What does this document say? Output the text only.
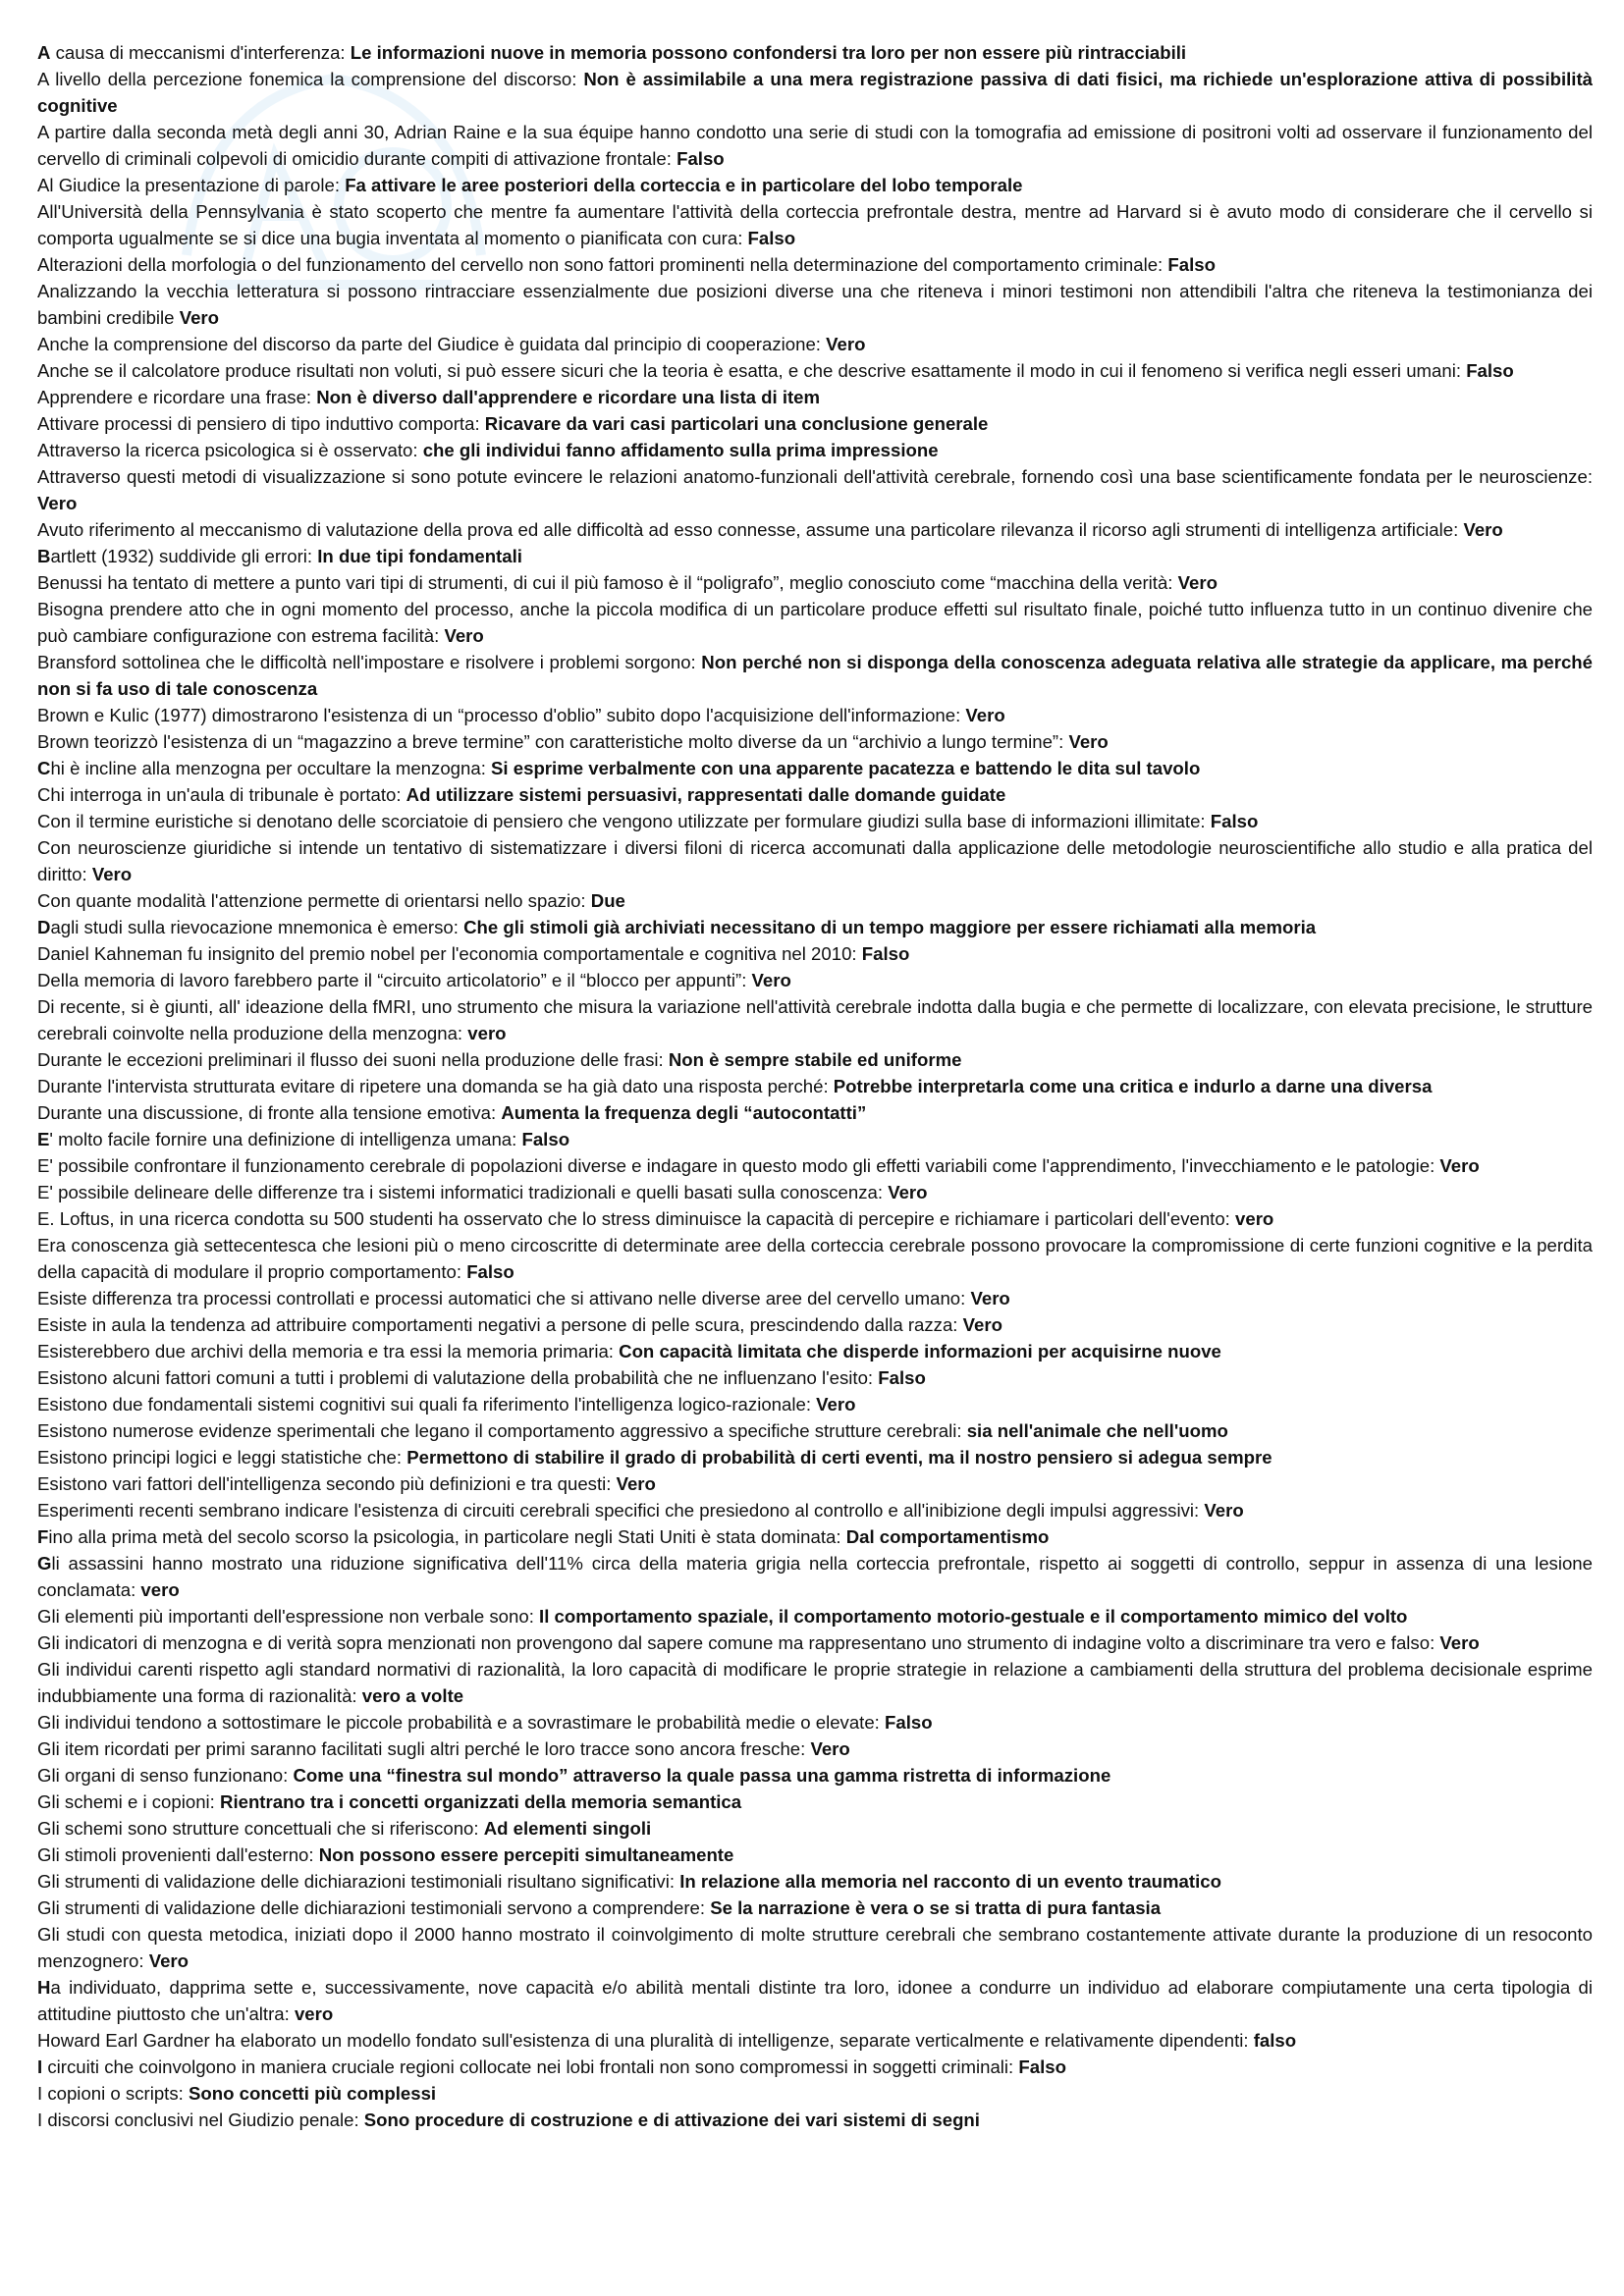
A causa di meccanismi d'interferenza: Le informazioni nuove in memoria possono confondersi tra loro per non essere più rintracciabili

A livello della percezione fonemica la comprensione del discorso: Non è assimilabile a una mera registrazione passiva di dati fisici, ma richiede un'esplorazione attiva di possibilità cognitive

A partire dalla seconda metà degli anni 30, Adrian Raine e la sua équipe hanno condotto una serie di studi con la tomografia ad emissione di positroni volti ad osservare il funzionamento del cervello di criminali colpevoli di omicidio durante compiti di attivazione frontale: Falso

Al Giudice la presentazione di parole: Fa attivare le aree posteriori della corteccia e in particolare del lobo temporale

All'Università della Pennsylvania è stato scoperto che mentre fa aumentare l'attività della corteccia prefrontale destra, mentre ad Harvard si è avuto modo di considerare che il cervello si comporta ugualmente se si dice una bugia inventata al momento o pianificata con cura: Falso

Alterazioni della morfologia o del funzionamento del cervello non sono fattori prominenti nella determinazione del comportamento criminale: Falso

Analizzando la vecchia letteratura si possono rintracciare essenzialmente due posizioni diverse una che riteneva i minori testimoni non attendibili l'altra che riteneva la testimonianza dei bambini credibile Vero

Anche la comprensione del discorso da parte del Giudice è guidata dal principio di cooperazione: Vero

Anche se il calcolatore produce risultati non voluti, si può essere sicuri che la teoria è esatta, e che descrive esattamente il modo in cui il fenomeno si verifica negli esseri umani: Falso

Apprendere e ricordare una frase: Non è diverso dall'apprendere e ricordare una lista di item

Attivare processi di pensiero di tipo induttivo comporta: Ricavare da vari casi particolari una conclusione generale

Attraverso la ricerca psicologica si è osservato: che gli individui fanno affidamento sulla prima impressione

Attraverso questi metodi di visualizzazione si sono potute evincere le relazioni anatomo-funzionali dell'attività cerebrale, fornendo così una base scientificamente fondata per le neuroscienze: Vero

Avuto riferimento al meccanismo di valutazione della prova ed alle difficoltà ad esso connesse, assume una particolare rilevanza il ricorso agli strumenti di intelligenza artificiale: Vero

Bartlett (1932) suddivide gli errori: In due tipi fondamentali

Benussi ha tentato di mettere a punto vari tipi di strumenti, di cui il più famoso è il “poligrafo”, meglio conosciuto come “macchina della verità: Vero

Bisogna prendere atto che in ogni momento del processo, anche la piccola modifica di un particolare produce effetti sul risultato finale, poiché tutto influenza tutto in un continuo divenire che può cambiare configurazione con estrema facilità: Vero

Bransford sottolinea che le difficoltà nell'impostare e risolvere i problemi sorgono: Non perché non si disponga della conoscenza adeguata relativa alle strategie da applicare, ma perché non si fa uso di tale conoscenza

Brown e Kulic (1977) dimostrarono l'esistenza di un “processo d'oblio” subito dopo l'acquisizione dell'informazione: Vero

Brown teorizzò l'esistenza di un “magazzino a breve termine” con caratteristiche molto diverse da un “archivio a lungo termine”: Vero

Chi è incline alla menzogna per occultare la menzogna: Si esprime verbalmente con una apparente pacatezza e battendo le dita sul tavolo

Chi interroga in un'aula di tribunale è portato: Ad utilizzare sistemi persuasivi, rappresentati dalle domande guidate

Con il termine euristiche si denotano delle scorciatoie di pensiero che vengono utilizzate per formulare giudizi sulla base di informazioni illimitate: Falso

Con neuroscienze giuridiche si intende un tentativo di sistematizzare i diversi filoni di ricerca accomunati dalla applicazione delle metodologie neuroscientifiche allo studio e alla pratica del diritto: Vero

Con quante modalità l'attenzione permette di orientarsi nello spazio: Due

Dagli studi sulla rievocazione mnemonica è emerso: Che gli stimoli già archiviati necessitano di un tempo maggiore per essere richiamati alla memoria

Daniel Kahneman fu insignito del premio nobel per l'economia comportamentale e cognitiva nel 2010: Falso

Della memoria di lavoro farebbero parte il “circuito articolatorio” e il “blocco per appunti”: Vero

Di recente, si è giunti, all' ideazione della fMRI, uno strumento che misura la variazione nell'attività cerebrale indotta dalla bugia e che permette di localizzare, con elevata precisione, le strutture cerebrali coinvolte nella produzione della menzogna: vero

Durante le eccezioni preliminari il flusso dei suoni nella produzione delle frasi: Non è sempre stabile ed uniforme

Durante l'intervista strutturata evitare di ripetere una domanda se ha già dato una risposta perché: Potrebbe interpretarla come una critica e indurlo a darne una diversa

Durante una discussione, di fronte alla tensione emotiva: Aumenta la frequenza degli “autocontatti”

E' molto facile fornire una definizione di intelligenza umana: Falso

E' possibile confrontare il funzionamento cerebrale di popolazioni diverse e indagare in questo modo gli effetti variabili come l'apprendimento, l'invecchiamento e le patologie: Vero

E' possibile delineare delle differenze tra i sistemi informatici tradizionali e quelli basati sulla conoscenza: Vero

E. Loftus, in una ricerca condotta su 500 studenti ha osservato che lo stress diminuisce la capacità di percepire e richiamare i particolari dell'evento: vero

Era conoscenza già settecentesca che lesioni più o meno circoscritte di determinate aree della corteccia cerebrale possono provocare la compromissione di certe funzioni cognitive e la perdita della capacità di modulare il proprio comportamento: Falso

Esiste differenza tra processi controllati e processi automatici che si attivano nelle diverse aree del cervello umano: Vero

Esiste in aula la tendenza ad attribuire comportamenti negativi a persone di pelle scura, prescindendo dalla razza: Vero

Esisterebbero due archivi della memoria e tra essi la memoria primaria: Con capacità limitata che disperde informazioni per acquisirne nuove

Esistono alcuni fattori comuni a tutti i problemi di valutazione della probabilità che ne influenzano l'esito: Falso

Esistono due fondamentali sistemi cognitivi sui quali fa riferimento l'intelligenza logico-razionale: Vero

Esistono numerose evidenze sperimentali che legano il comportamento aggressivo a specifiche strutture cerebrali: sia nell'animale che nell'uomo

Esistono principi logici e leggi statistiche che: Permettono di stabilire il grado di probabilità di certi eventi, ma il nostro pensiero si adegua sempre

Esistono vari fattori dell'intelligenza secondo più definizioni e tra questi: Vero

Esperimenti recenti sembrano indicare l'esistenza di circuiti cerebrali specifici che presiedono al controllo e all'inibizione degli impulsi aggressivi: Vero

Fino alla prima metà del secolo scorso la psicologia, in particolare negli Stati Uniti è stata dominata: Dal comportamentismo

Gli assassini hanno mostrato una riduzione significativa dell'11% circa della materia grigia nella corteccia prefrontale, rispetto ai soggetti di controllo, seppur in assenza di una lesione conclamata: vero

Gli elementi più importanti dell'espressione non verbale sono: Il comportamento spaziale, il comportamento motorio-gestuale e il comportamento mimico del volto

Gli indicatori di menzogna e di verità sopra menzionati non provengono dal sapere comune ma rappresentano uno strumento di indagine volto a discriminare tra vero e falso: Vero

Gli individui carenti rispetto agli standard normativi di razionalità, la loro capacità di modificare le proprie strategie in relazione a cambiamenti della struttura del problema decisionale esprime indubbiamente una forma di razionalità: vero a volte

Gli individui tendono a sottostimare le piccole probabilità e a sovrastimare le probabilità medie o elevate: Falso

Gli item ricordati per primi saranno facilitati sugli altri perché le loro tracce sono ancora fresche: Vero

Gli organi di senso funzionano: Come una “finestra sul mondo” attraverso la quale passa una gamma ristretta di informazione

Gli schemi e i copioni: Rientrano tra i concetti organizzati della memoria semantica

Gli schemi sono strutture concettuali che si riferiscono: Ad elementi singoli

Gli stimoli provenienti dall'esterno: Non possono essere percepiti simultaneamente

Gli strumenti di validazione delle dichiarazioni testimoniali risultano significativi: In relazione alla memoria nel racconto di un evento traumatico

Gli strumenti di validazione delle dichiarazioni testimoniali servono a comprendere: Se la narrazione è vera o se si tratta di pura fantasia

Gli studi con questa metodica, iniziati dopo il 2000 hanno mostrato il coinvolgimento di molte strutture cerebrali che sembrano costantemente attivate durante la produzione di un resoconto menzognero: Vero

Ha individuato, dapprima sette e, successivamente, nove capacità e/o abilità mentali distinte tra loro, idonee a condurre un individuo ad elaborare compiutamente una certa tipologia di attitudine piuttosto che un'altra: vero

Howard Earl Gardner ha elaborato un modello fondato sull'esistenza di una pluralità di intelligenze, separate verticalmente e relativamente dipendenti: falso

I circuiti che coinvolgono in maniera cruciale regioni collocate nei lobi frontali non sono compromessi in soggetti criminali: Falso

I copioni o scripts: Sono concetti più complessi

I discorsi conclusivi nel Giudizio penale: Sono procedure di costruzione e di attivazione dei vari sistemi di segni
